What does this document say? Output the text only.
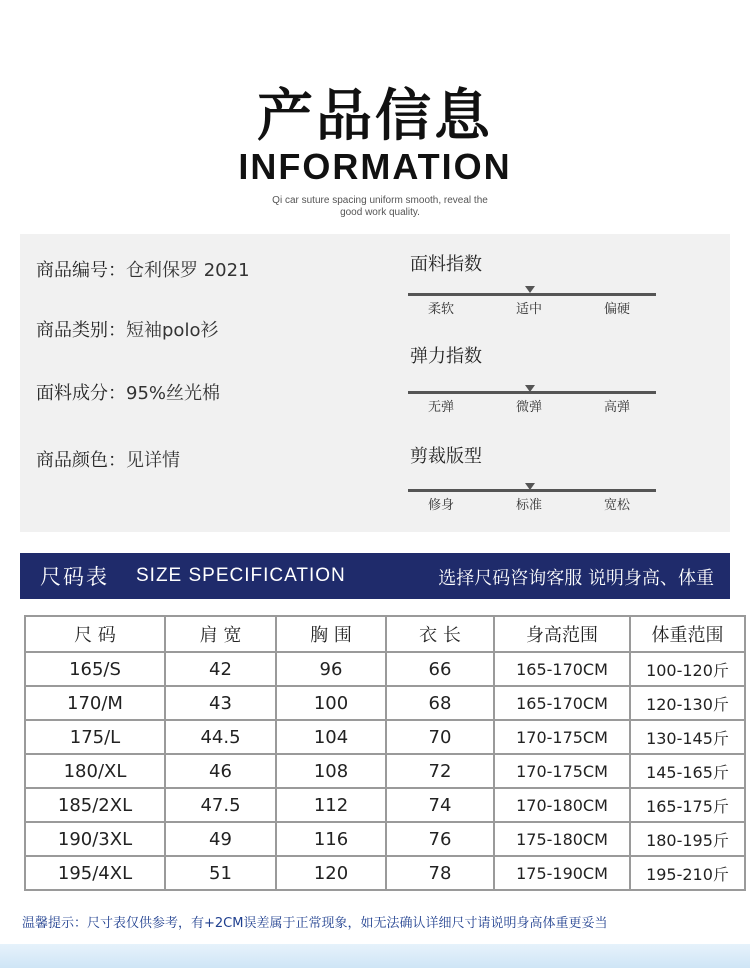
产品信息
INFORMATION
Qi car suture spacing uniform smooth, reveal the
good work quality.
商品编号：仓利保罗 2021
商品类别：短袖polo衫
面料成分：95%丝光棉
商品颜色：见详情
面料指数
柔软	适中	偏硬
弹力指数
无弹	微弹	高弹
剪裁版型
修身	标准	宽松
尺码表 SIZE SPECIFICATION	选择尺码咨询客服 说明身高、体重
尺 码	肩 宽	胸 围	衣 长	身高范围	体重范围
165/S	42	96	66	165-170CM	100-120斤
170/M	43	100	68	165-170CM	120-130斤
175/L	44.5	104	70	170-175CM	130-145斤
180/XL	46	108	72	170-175CM	145-165斤
185/2XL	47.5	112	74	170-180CM	165-175斤
190/3XL	49	116	76	175-180CM	180-195斤
195/4XL	51	120	78	175-190CM	195-210斤
温馨提示：尺寸表仅供参考，有+2CM误差属于正常现象，如无法确认详细尺寸请说明身高体重更妥当
